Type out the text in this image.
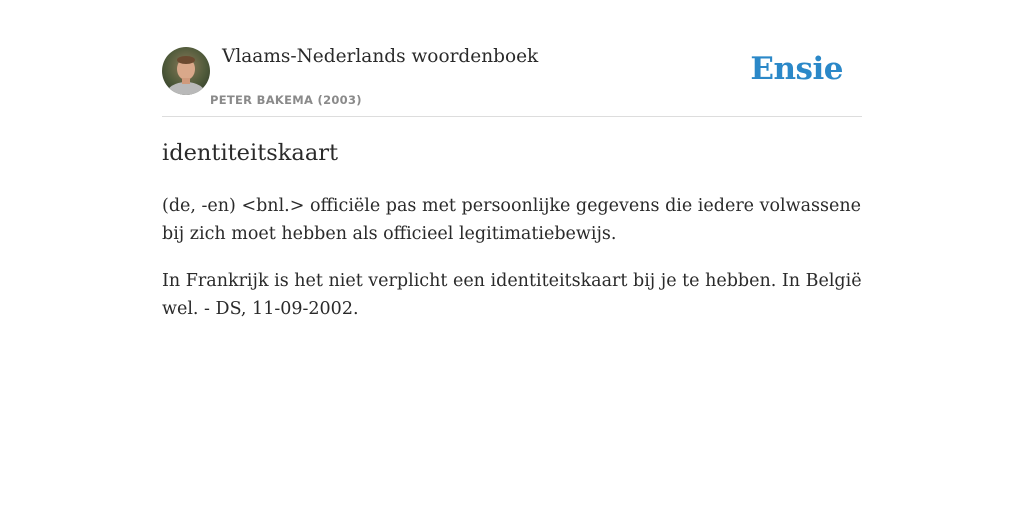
Vlaams-Nederlands woordenboek
PETER BAKEMA (2003)
Ensie
identiteitskaart

(de, -en) <bnl.> officiële pas met persoonlijke gegevens die iedere volwassene bij zich moet hebben als officieel legitimatiebewijs.

In Frankrijk is het niet verplicht een identiteitskaart bij je te hebben. In België wel. - DS, 11-09-2002.
